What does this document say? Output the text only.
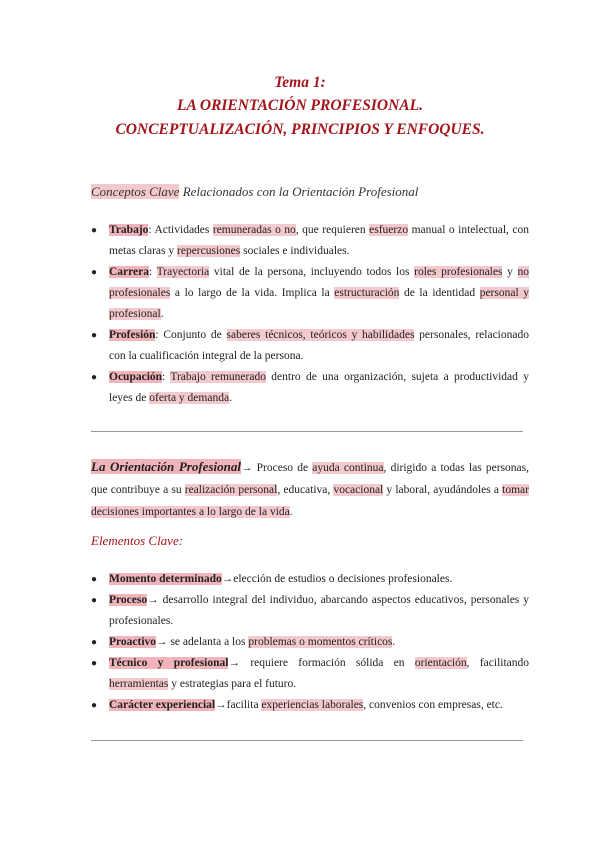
Tema 1:

LA ORIENTACIÓN PROFESIONAL.

CONCEPTUALIZACIÓN, PRINCIPIOS Y ENFOQUES.

Conceptos Clave Relacionados con la Orientación Profesional

● Trabajo: Actividades remuneradas o no, que requieren esfuerzo manual o intelectual, con metas claras y repercusiones sociales e individuales.
● Carrera: Trayectoria vital de la persona, incluyendo todos los roles profesionales y no profesionales a lo largo de la vida. Implica la estructuración de la identidad personal y profesional.
● Profesión: Conjunto de saberes técnicos, teóricos y habilidades personales, relacionado con la cualificación integral de la persona.
● Ocupación: Trabajo remunerado dentro de una organización, sujeta a productividad y leyes de oferta y demanda.

La Orientación Profesional→ Proceso de ayuda continua, dirigido a todas las personas, que contribuye a su realización personal, educativa, vocacional y laboral, ayudándoles a tomar decisiones importantes a lo largo de la vida.

Elementos Clave:

● Momento determinado→elección de estudios o decisiones profesionales.
● Proceso→ desarrollo integral del individuo, abarcando aspectos educativos, personales y profesionales.
● Proactivo→ se adelanta a los problemas o momentos críticos.
● Técnico y profesional→ requiere formación sólida en orientación, facilitando herramientas y estrategias para el futuro.
● Carácter experiencial→facilita experiencias laborales, convenios con empresas, etc.
